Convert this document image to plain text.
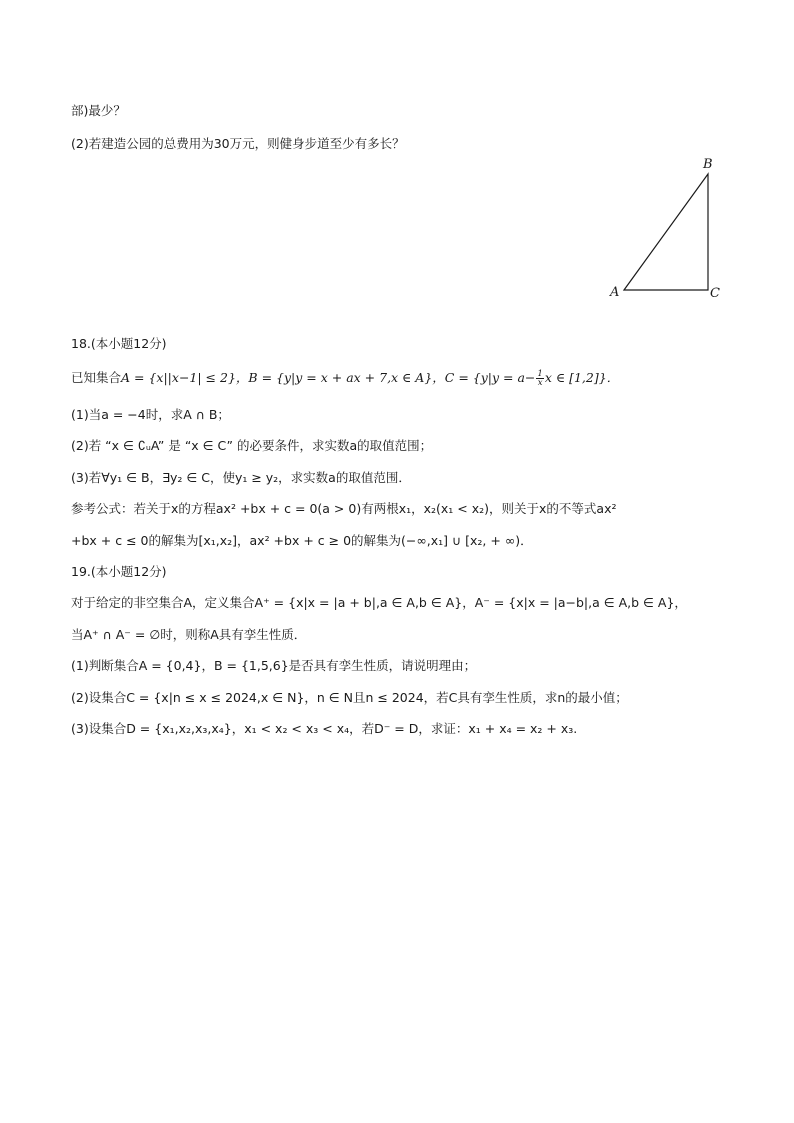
部)最少？
(2)若建造公园的总费用为30万元，则健身步道至少有多长？
A
B
C
18.(本小题12分)
已知集合A = {x||x−1| ≤ 2}，B = {y|y = x + ax + 7,x ∈ A}，$C = \{y|y = a- \frac{1}{x}$ x ∈ [1,2]}．
(1)当a = −4时，求A ∩ B；
(2)若 “x ∈ ∁ᵤA” 是 “x ∈ C” 的必要条件，求实数a的取值范围；
(3)若∀y₁ ∈ B，∃y₂ ∈ C，使y₁ ≥ y₂，求实数a的取值范围．
参考公式：若关于x的方程ax² +bx + c = 0(a > 0)有两根x₁，x₂(x₁ < x₂)，则关于x的不等式ax²
+bx + c ≤ 0的解集为[x₁,x₂]，ax² +bx + c ≥ 0的解集为(−∞,x₁] ∪ [x₂, + ∞)．
19.(本小题12分)
对于给定的非空集合A，定义集合A⁺ = {x|x = |a + b|,a ∈ A,b ∈ A}，A⁻ = {x|x = |a−b|,a ∈ A,b ∈ A}，
当A⁺ ∩ A⁻ = ∅时，则称A具有孪生性质．
(1)判断集合A = {0,4}，B = {1,5,6}是否具有孪生性质，请说明理由；
(2)设集合C = {x|n ≤ x ≤ 2024,x ∈ N}，n ∈ N且n ≤ 2024，若C具有孪生性质，求n的最小值；
(3)设集合D = {x₁,x₂,x₃,x₄}，x₁ < x₂ < x₃ < x₄，若D⁻ = D，求证：x₁ + x₄ = x₂ + x₃.
